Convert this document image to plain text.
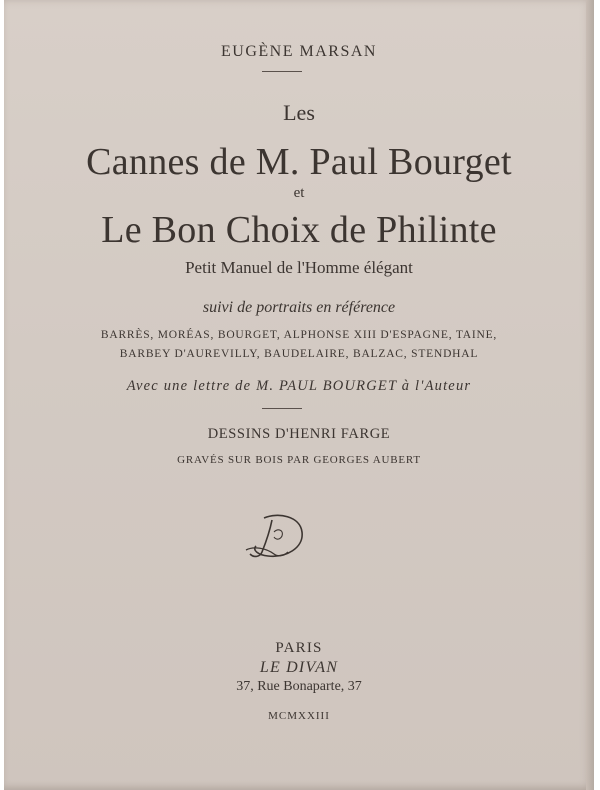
EUGÈNE MARSAN
Les
Cannes de M. Paul Bourget
et
Le Bon Choix de Philinte
Petit Manuel de l'Homme élégant
suivi de portraits en référence
BARRÈS, MORÉAS, BOURGET, ALPHONSE XIII D'ESPAGNE, TAINE,
BARBEY D'AUREVILLY, BAUDELAIRE, BALZAC, STENDHAL
Avec une lettre de M. PAUL BOURGET à l'Auteur
DESSINS D'HENRI FARGE
GRAVÉS SUR BOIS PAR GEORGES AUBERT
PARIS
LE DIVAN
37, Rue Bonaparte, 37
MCMXXIII
